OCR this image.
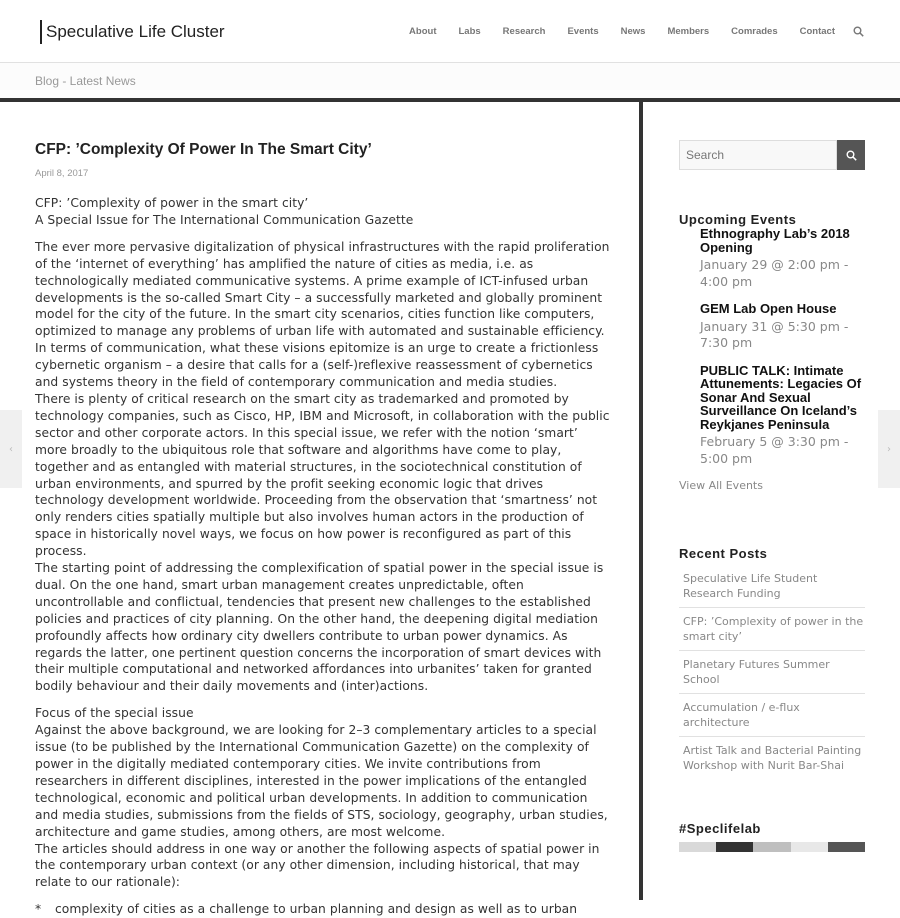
Speculative Life Cluster	About Labs Research Events News Members Comrades Contact
Blog - Latest News
‹	›
CFP: ’Complexity Of Power In The Smart City’
April 8, 2017

CFP: ’Complexity of power in the smart city’
A Special Issue for The International Communication Gazette

The ever more pervasive digitalization of physical infrastructures with the rapid proliferation of the ‘internet of everything’ has amplified the nature of cities as media, i.e. as technologically mediated communicative systems. A prime example of ICT-infused urban developments is the so-called Smart City – a successfully marketed and globally prominent model for the city of the future. In the smart city scenarios, cities function like computers, optimized to manage any problems of urban life with automated and sustainable efficiency. In terms of communication, what these visions epitomize is an urge to create a frictionless cybernetic organism – a desire that calls for a (self-)reflexive reassessment of cybernetics and systems theory in the field of contemporary communication and media studies.
There is plenty of critical research on the smart city as trademarked and promoted by technology companies, such as Cisco, HP, IBM and Microsoft, in collaboration with the public sector and other corporate actors. In this special issue, we refer with the notion ‘smart’ more broadly to the ubiquitous role that software and algorithms have come to play, together and as entangled with material structures, in the sociotechnical constitution of urban environments, and spurred by the profit seeking economic logic that drives technology development worldwide. Proceeding from the observation that ‘smartness’ not only renders cities spatially multiple but also involves human actors in the production of space in historically novel ways, we focus on how power is reconfigured as part of this process.
The starting point of addressing the complexification of spatial power in the special issue is dual. On the one hand, smart urban management creates unpredictable, often uncontrollable and conflictual, tendencies that present new challenges to the established policies and practices of city planning. On the other hand, the deepening digital mediation profoundly affects how ordinary city dwellers contribute to urban power dynamics. As regards the latter, one pertinent question concerns the incorporation of smart devices with their multiple computational and networked affordances into urbanites’ taken for granted bodily behaviour and their daily movements and (inter)actions.

Focus of the special issue
Against the above background, we are looking for 2–3 complementary articles to a special issue (to be published by the International Communication Gazette) on the complexity of power in the digitally mediated contemporary cities. We invite contributions from researchers in different disciplines, interested in the power implications of the entangled technological, economic and political urban developments. In addition to communication and media studies, submissions from the fields of STS, sociology, geography, urban studies, architecture and game studies, among others, are most welcome.
The articles should address in one way or another the following aspects of spatial power in the contemporary urban context (or any other dimension, including historical, that may relate to our rationale):

*	complexity of cities as a challenge to urban planning and design as well as to urban
Search
Upcoming Events
Ethnography Lab’s 2018 Opening
January 29 @ 2:00 pm - 4:00 pm
GEM Lab Open House
January 31 @ 5:30 pm - 7:30 pm
PUBLIC TALK: Intimate Attunements: Legacies Of Sonar And Sexual Surveillance On Iceland’s Reykjanes Peninsula
February 5 @ 3:30 pm - 5:00 pm
View All Events
Recent Posts
Speculative Life Student Research Funding
CFP: ’Complexity of power in the smart city’
Planetary Futures Summer School
Accumulation / e-flux architecture
Artist Talk and Bacterial Painting Workshop with Nurit Bar-Shai
#Speclifelab
